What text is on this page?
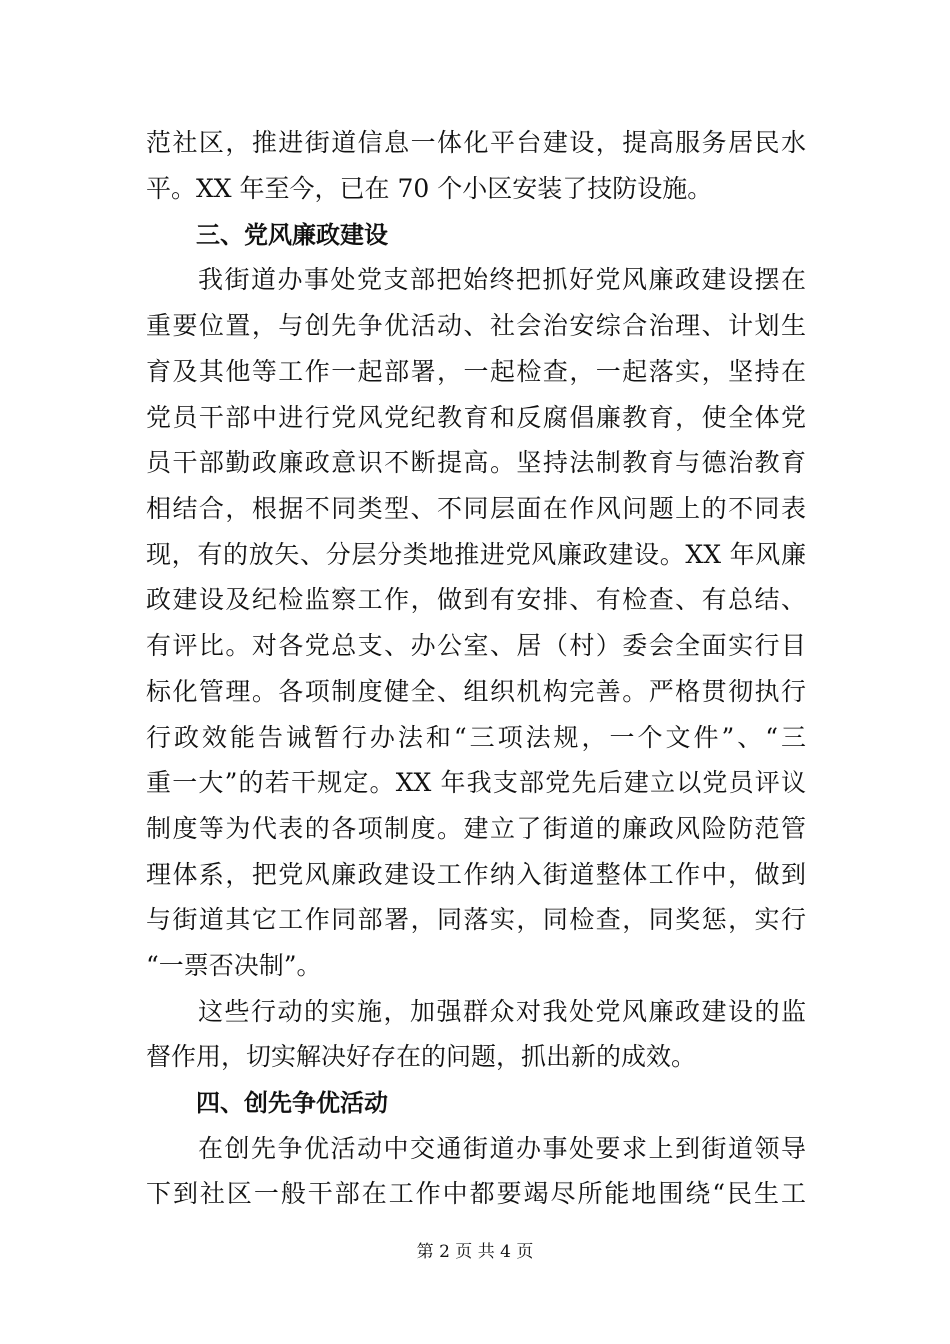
范社区，推进街道信息一体化平台建设，提高服务居民水
平。XX 年至今，已在 70 个小区安装了技防设施。
三、党风廉政建设
我街道办事处党支部把始终把抓好党风廉政建设摆在
重要位置，与创先争优活动、社会治安综合治理、计划生
育及其他等工作一起部署，一起检查，一起落实，坚持在
党员干部中进行党风党纪教育和反腐倡廉教育，使全体党
员干部勤政廉政意识不断提高。坚持法制教育与德治教育
相结合，根据不同类型、不同层面在作风问题上的不同表
现，有的放矢、分层分类地推进党风廉政建设。XX 年风廉
政建设及纪检监察工作，做到有安排、有检查、有总结、
有评比。对各党总支、办公室、居（村）委会全面实行目
标化管理。各项制度健全、组织机构完善。严格贯彻执行
行政效能告诫暂行办法和“三项法规，一个文件”、“三
重一大”的若干规定。XX 年我支部党先后建立以党员评议
制度等为代表的各项制度。建立了街道的廉政风险防范管
理体系，把党风廉政建设工作纳入街道整体工作中，做到
与街道其它工作同部署，同落实，同检查，同奖惩，实行
“一票否决制”。
这些行动的实施，加强群众对我处党风廉政建设的监
督作用，切实解决好存在的问题，抓出新的成效。
四、创先争优活动
在创先争优活动中交通街道办事处要求上到街道领导
下到社区一般干部在工作中都要竭尽所能地围绕“民生工
第 2 页 共 4 页
